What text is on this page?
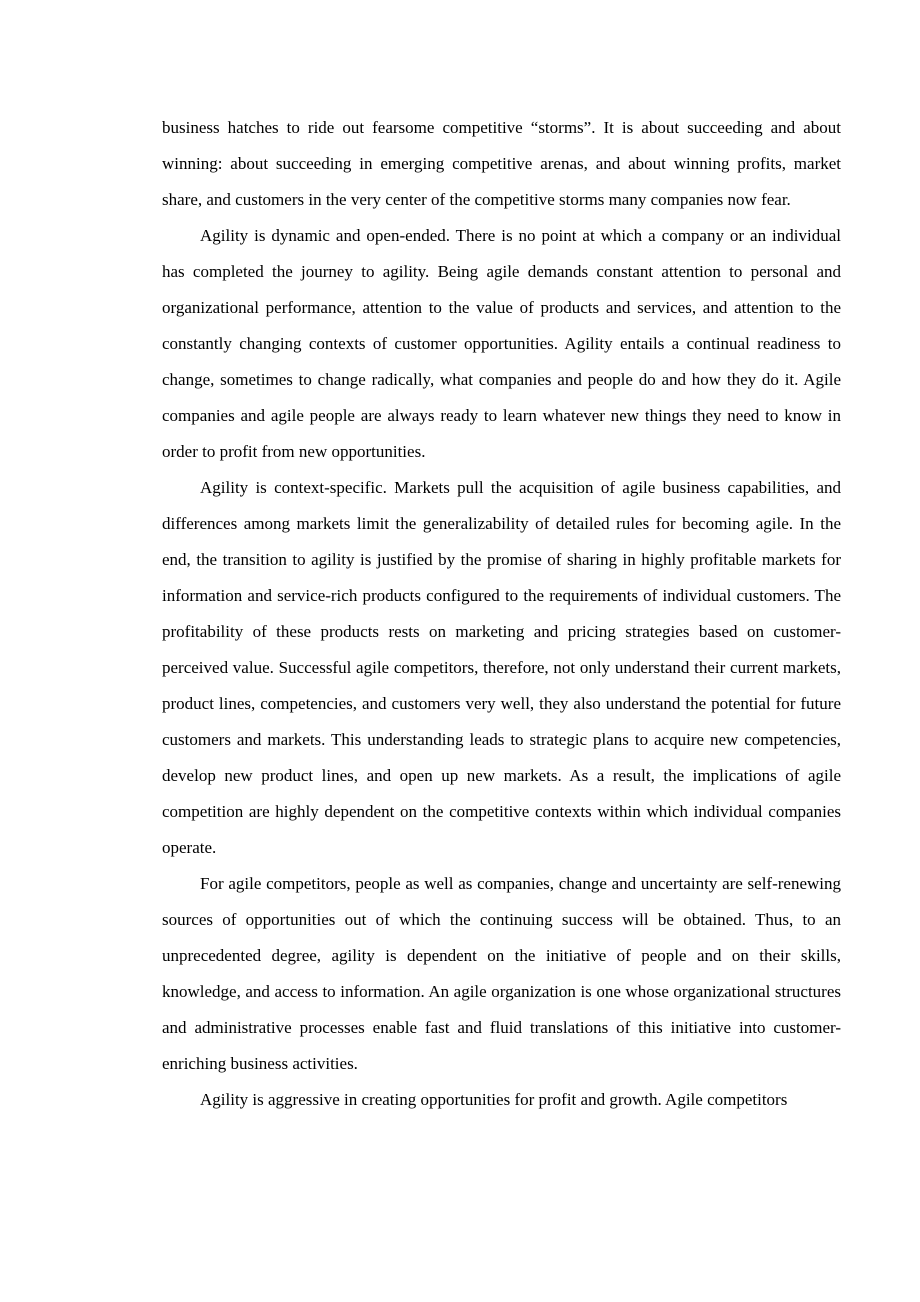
business hatches to ride out fearsome competitive “storms”. It is about succeeding and about winning: about succeeding in emerging competitive arenas, and about winning profits, market share, and customers in the very center of the competitive storms many companies now fear.

Agility is dynamic and open-ended. There is no point at which a company or an individual has completed the journey to agility. Being agile demands constant attention to personal and organizational performance, attention to the value of products and services, and attention to the constantly changing contexts of customer opportunities. Agility entails a continual readiness to change, sometimes to change radically, what companies and people do and how they do it. Agile companies and agile people are always ready to learn whatever new things they need to know in order to profit from new opportunities.

Agility is context-specific. Markets pull the acquisition of agile business capabilities, and differences among markets limit the generalizability of detailed rules for becoming agile. In the end, the transition to agility is justified by the promise of sharing in highly profitable markets for information and service-rich products configured to the requirements of individual customers. The profitability of these products rests on marketing and pricing strategies based on customer-perceived value. Successful agile competitors, therefore, not only understand their current markets, product lines, competencies, and customers very well, they also understand the potential for future customers and markets. This understanding leads to strategic plans to acquire new competencies, develop new product lines, and open up new markets. As a result, the implications of agile competition are highly dependent on the competitive contexts within which individual companies operate.

For agile competitors, people as well as companies, change and uncertainty are self-renewing sources of opportunities out of which the continuing success will be obtained. Thus, to an unprecedented degree, agility is dependent on the initiative of people and on their skills, knowledge, and access to information. An agile organization is one whose organizational structures and administrative processes enable fast and fluid translations of this initiative into customer-enriching business activities.

Agility is aggressive in creating opportunities for profit and growth. Agile competitors
